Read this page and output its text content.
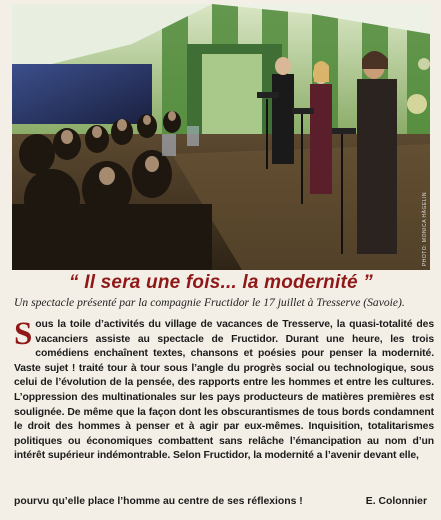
PHOTO: MONICA HÄGELIN
“ Il sera une fois... la modernité ”
Un spectacle présenté par la compagnie Fructidor le 17 juillet à Tresserve (Savoie).
Sous la toile d’activités du village de vacances de Tresserve, la quasi-totalité des vacanciers assiste au spectacle de Fructidor. Durant une heure, les trois comédiens enchaînent textes, chansons et poésies pour penser la modernité. Vaste sujet ! traité tour à tour sous l’angle du progrès social ou technologique, sous celui de l’évolution de la pensée, des rapports entre les hommes et entre les cultures. L’oppression des multinationales sur les pays producteurs de matières premières est soulignée. De même que la façon dont les obscurantismes de tous bords condamnent le droit des hommes à penser et à agir par eux-mêmes. Inquisition, totalitarismes politiques ou économiques combattent sans relâche l’émancipation au nom d’un intérêt supérieur indémontrable. Selon Fructidor, la modernité a l’avenir devant elle,
pourvu qu’elle place l’homme au centre de ses réflexions !	E. Colonnier
